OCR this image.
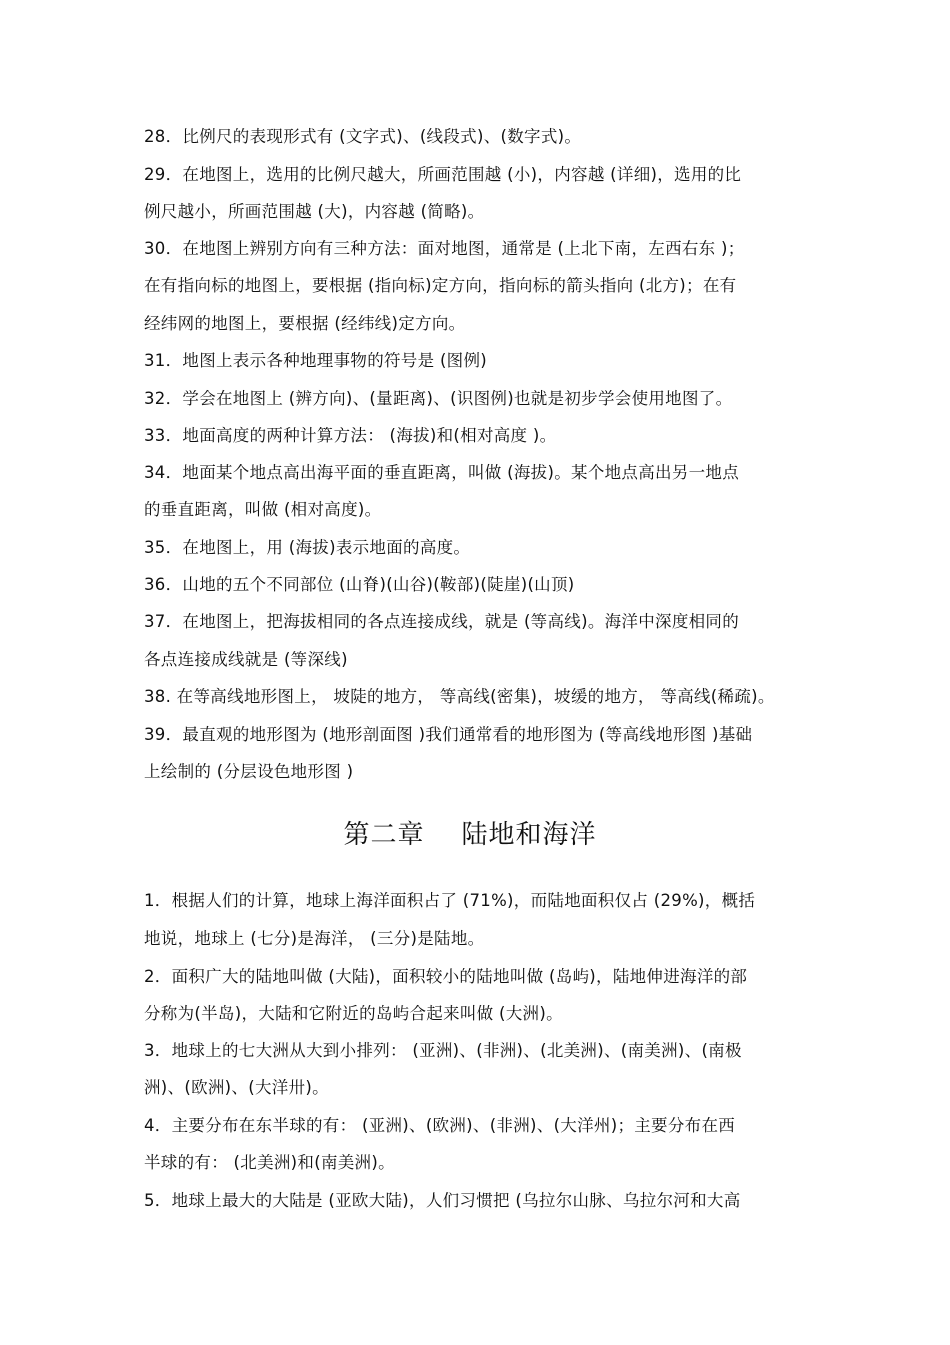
28．比例尺的表现形式有 (文字式)、(线段式)、(数字式)。
29．在地图上，选用的比例尺越大，所画范围越 (小)，内容越 (详细)，选用的比
例尺越小，所画范围越 (大)，内容越 (简略)。
30．在地图上辨别方向有三种方法：面对地图，通常是 (上北下南，左西右东 )；
在有指向标的地图上，要根据 (指向标)定方向，指向标的箭头指向 (北方)；在有
经纬网的地图上，要根据 (经纬线)定方向。
31．地图上表示各种地理事物的符号是 (图例)
32．学会在地图上 (辨方向)、(量距离)、(识图例)也就是初步学会使用地图了。
33．地面高度的两种计算方法： (海拔)和(相对高度 )。
34．地面某个地点高出海平面的垂直距离，叫做 (海拔)。某个地点高出另一地点
的垂直距离，叫做 (相对高度)。
35．在地图上，用 (海拔)表示地面的高度。
36．山地的五个不同部位 (山脊)(山谷)(鞍部)(陡崖)(山顶)
37．在地图上，把海拔相同的各点连接成线，就是 (等高线)。海洋中深度相同的
各点连接成线就是 (等深线)
38. 在等高线地形图上， 坡陡的地方， 等高线(密集)，坡缓的地方， 等高线(稀疏)。
39．最直观的地形图为 (地形剖面图 )我们通常看的地形图为 (等高线地形图 )基础
上绘制的 (分层设色地形图 )
第二章    陆地和海洋
1．根据人们的计算，地球上海洋面积占了 (71%)，而陆地面积仅占 (29%)，概括
地说，地球上 (七分)是海洋， (三分)是陆地。
2．面积广大的陆地叫做 (大陆)，面积较小的陆地叫做 (岛屿)，陆地伸进海洋的部
分称为(半岛)，大陆和它附近的岛屿合起来叫做 (大洲)。
3．地球上的七大洲从大到小排列： (亚洲)、(非洲)、(北美洲)、(南美洲)、(南极
洲)、(欧洲)、(大洋卅)。
4．主要分布在东半球的有： (亚洲)、(欧洲)、(非洲)、(大洋州)；主要分布在西
半球的有： (北美洲)和(南美洲)。
5．地球上最大的大陆是 (亚欧大陆)，人们习惯把 (乌拉尔山脉、乌拉尔河和大高
